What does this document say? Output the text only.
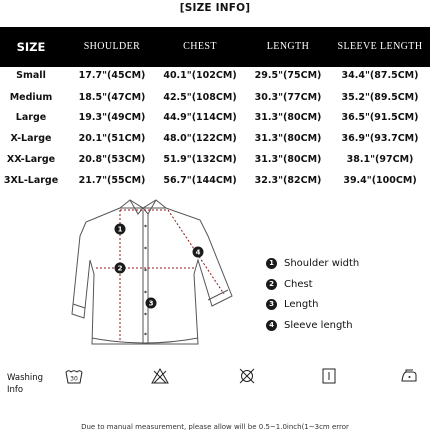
[SIZE INFO]
SIZE	SHOULDER	CHEST	LENGTH	SLEEVE LENGTH
Small	17.7"(45CM)	40.1"(102CM)	29.5"(75CM)	34.4"(87.5CM)
Medium	18.5"(47CM)	42.5"(108CM)	30.3"(77CM)	35.2"(89.5CM)
Large	19.3"(49CM)	44.9"(114CM)	31.3"(80CM)	36.5"(91.5CM)
X-Large	20.1"(51CM)	48.0"(122CM)	31.3"(80CM)	36.9"(93.7CM)
XX-Large	20.8"(53CM)	51.9"(132CM)	31.3"(80CM)	38.1"(97CM)
3XL-Large	21.7"(55CM)	56.7"(144CM)	32.3"(82CM)	39.4"(100CM)
1
2
3
4
1	Shoulder width
2	Chest
3	Length
4	Sleeve length
Washing
Info
30
Due to manual measurement, please allow will be 0.5~1.0inch(1~3cm error
